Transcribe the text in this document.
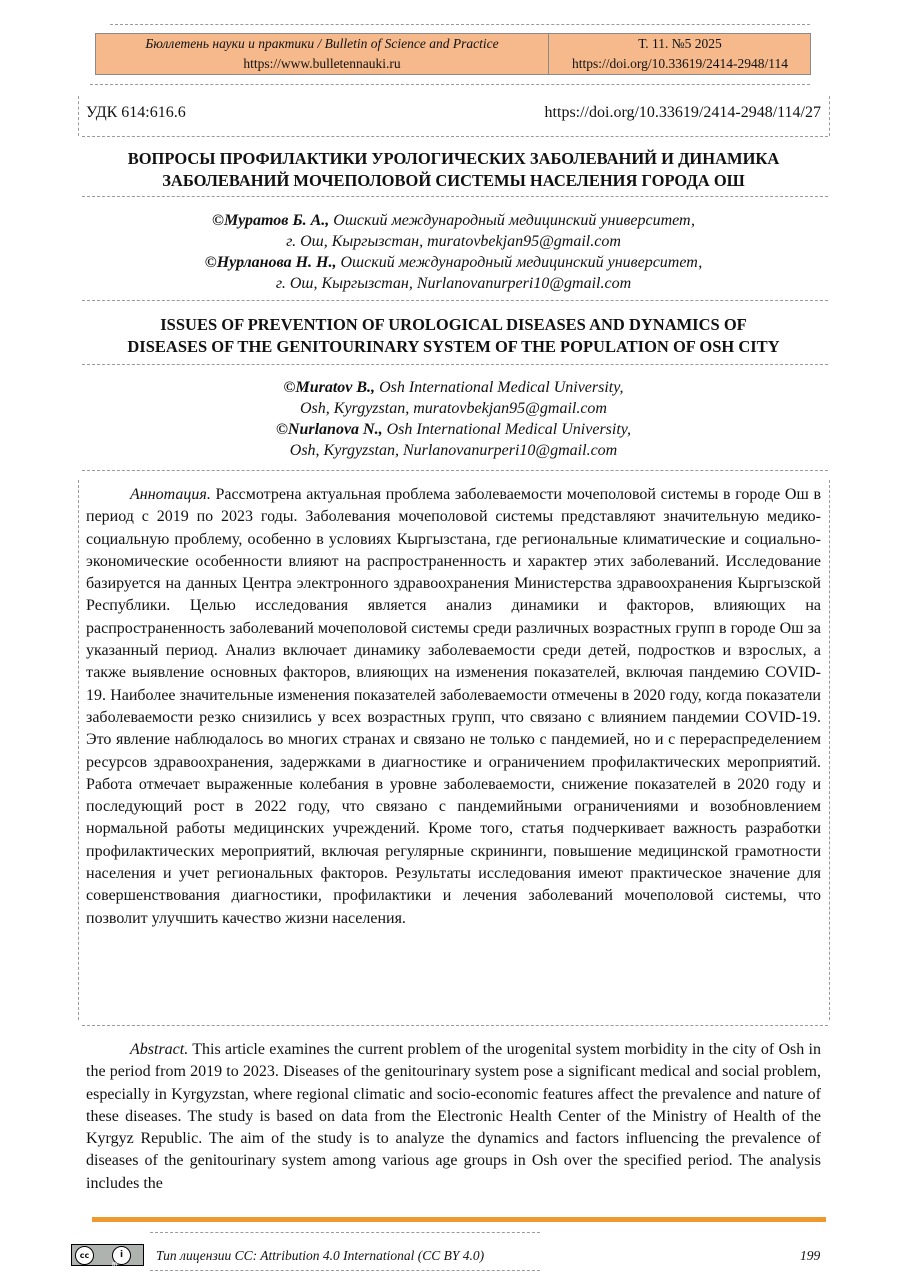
Бюллетень науки и практики / Bulletin of Science and Practice
https://www.bulletennauki.ru
Т. 11. №5 2025
https://doi.org/10.33619/2414-2948/114
УДК 614:616.6	https://doi.org/10.33619/2414-2948/114/27
ВОПРОСЫ ПРОФИЛАКТИКИ УРОЛОГИЧЕСКИХ ЗАБОЛЕВАНИЙ И ДИНАМИКА
ЗАБОЛЕВАНИЙ МОЧЕПОЛОВОЙ СИСТЕМЫ НАСЕЛЕНИЯ ГОРОДА ОШ
©Муратов Б. А., Ошский международный медицинский университет,
г. Ош, Кыргызстан, muratovbekjan95@gmail.com
©Нурланова Н. Н., Ошский международный медицинский университет,
г. Ош, Кыргызстан, Nurlanovanurperi10@gmail.com
ISSUES OF PREVENTION OF UROLOGICAL DISEASES AND DYNAMICS OF
DISEASES OF THE GENITOURINARY SYSTEM OF THE POPULATION OF OSH CITY
©Muratov B., Osh International Medical University,
Osh, Kyrgyzstan, muratovbekjan95@gmail.com
©Nurlanova N., Osh International Medical University,
Osh, Kyrgyzstan, Nurlanovanurperi10@gmail.com
Аннотация. Рассмотрена актуальная проблема заболеваемости мочеполовой системы в городе Ош в период с 2019 по 2023 годы. Заболевания мочеполовой системы представляют значительную медико-социальную проблему, особенно в условиях Кыргызстана, где региональные климатические и социально-экономические особенности влияют на распространенность и характер этих заболеваний. Исследование базируется на данных Центра электронного здравоохранения Министерства здравоохранения Кыргызской Республики. Целью исследования является анализ динамики и факторов, влияющих на распространенность заболеваний мочеполовой системы среди различных возрастных групп в городе Ош за указанный период. Анализ включает динамику заболеваемости среди детей, подростков и взрослых, а также выявление основных факторов, влияющих на изменения показателей, включая пандемию COVID-19. Наиболее значительные изменения показателей заболеваемости отмечены в 2020 году, когда показатели заболеваемости резко снизились у всех возрастных групп, что связано с влиянием пандемии COVID-19. Это явление наблюдалось во многих странах и связано не только с пандемией, но и с перераспределением ресурсов здравоохранения, задержками в диагностике и ограничением профилактических мероприятий. Работа отмечает выраженные колебания в уровне заболеваемости, снижение показателей в 2020 году и последующий рост в 2022 году, что связано с пандемийными ограничениями и возобновлением нормальной работы медицинских учреждений. Кроме того, статья подчеркивает важность разработки профилактических мероприятий, включая регулярные скрининги, повышение медицинской грамотности населения и учет региональных факторов. Результаты исследования имеют практическое значение для совершенствования диагностики, профилактики и лечения заболеваний мочеполовой системы, что позволит улучшить качество жизни населения.
Abstract. This article examines the current problem of the urogenital system morbidity in the city of Osh in the period from 2019 to 2023. Diseases of the genitourinary system pose a significant medical and social problem, especially in Kyrgyzstan, where regional climatic and socio-economic features affect the prevalence and nature of these diseases. The study is based on data from the Electronic Health Center of the Ministry of Health of the Kyrgyz Republic. The aim of the study is to analyze the dynamics and factors influencing the prevalence of diseases of the genitourinary system among various age groups in Osh over the specified period. The analysis includes the
cc	i
BY
Тип лицензии CC: Attribution 4.0 International (CC BY 4.0)	199
